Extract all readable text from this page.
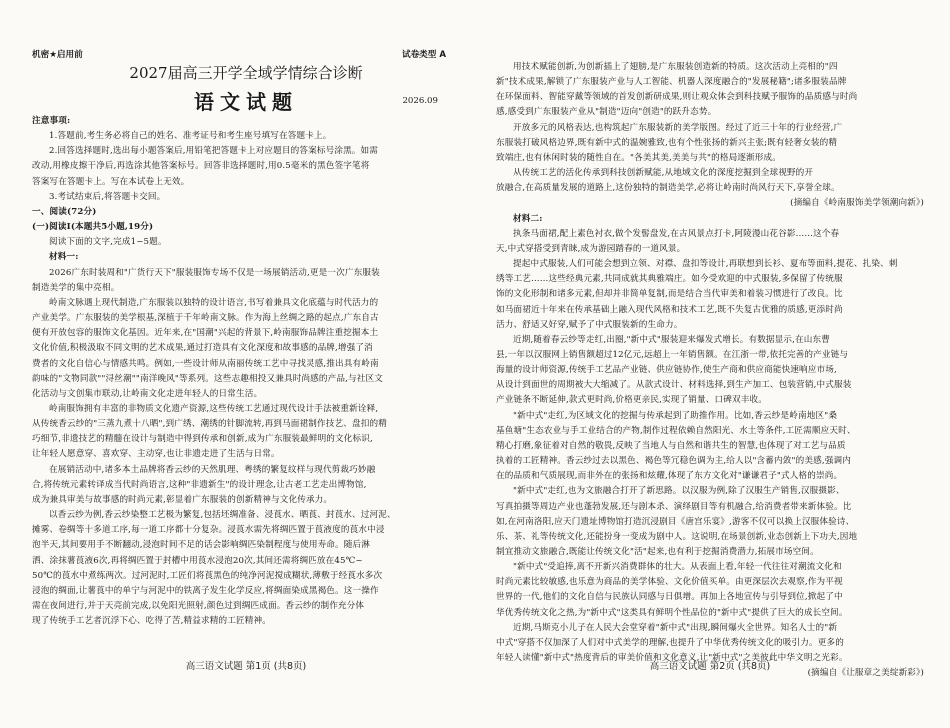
机密★启用前	试卷类型 A
2027届高三开学全域学情综合诊断
语文试题	2026.09
注意事项:
1.答题前,考生务必将自己的姓名、准考证号和考生座号填写在答题卡上。
2.回答选择题时,选出每小题答案后,用铅笔把答题卡上对应题目的答案标号涂黑。如需
改动,用橡皮擦干净后,再选涂其他答案标号。回答非选择题时,用0.5毫米的黑色签字笔将
答案写在答题卡上。写在本试卷上无效。
3.考试结束后,将答题卡交回。
一、阅读(72分)
(一)阅读Ⅰ(本题共5小题,19分)
阅读下面的文字,完成1~5题。
材料一:
2026广东时装周和"广货行天下"服装服饰专场不仅是一场展销活动,更是一次广东服装
制造美学的集中亮相。
岭南文脉遇上现代制造,广东服装以独特的设计语言,书写着兼具文化底蕴与时代活力的
产业美学。广东服装的美学根基,深植于千年岭南文脉。作为海上丝绸之路的起点,广东自古
便有开放包容的服饰文化基因。近年来,在"国潮"兴起的背景下,岭南服饰品牌注重挖掘本土
文化价值,积极汲取不同文明的艺术成果,通过打造具有文化深度和故事感的品牌,增强了消
费者的文化自信心与情感共鸣。例如,一些设计师从南丽传统工艺中寻找灵感,推出具有岭南
韵味的"文物同款""浔丝潮""南洋晚风"等系列。这些志趣相投又兼具时尚感的产品,与社区文
化活动与文创集市联动,让岭南文化走进年轻人的日常生活。
岭南服饰拥有丰富的非物质文化遗产资源,这些传统工艺通过现代设计手法被重新诠释,
从传统香云纱的"三蒸九煮十八晒",到广绣、潮绣的针脚流转,再到马面裙制作技艺、盘扣的精
巧细节,非遗技艺的精髓在设计与制造中得到传承和创新,成为广东服装最鲜明的文化标识,
让年轻人愿意穿、喜欢穿、主动穿,也让非遗走进了生活与日常。
在展销活动中,诸多本土品牌将香云纱的天然肌理、粤绣的繁复纹样与现代剪裁巧妙融
合,将传统元素转译成当代时尚语言,这种"非遗新生"的设计理念,让古老工艺走出博物馆,
成为兼具审美与故事感的时尚元素,彰显着广东服装的创新精神与文化传承力。
以香云纱为例,香云纱染整工艺极为繁复,包括坯绸准备、浸莨水、晒莨、封莨水、过河泥、
摊雾、卷绸等十多道工序,每一道工序都十分复杂。浸莨水需先将绸匹置于莨液度的莨水中浸
泡半天,其间要用手不断翻动,浸泡时间不足的话会影响绸匹染制程度与使用寿命。随后淋
洒、涂抹薯莨液6次,再将绸匹置于封槽中用莨水浸泡20次,其间还需将绸匹放在45℃~
50℃的莨水中煮练两次。过河泥时,工匠们将莨黑色的纯净河泥搅成糊状,薄敷于经莨水多次
浸泡的绸面,让薯莨中的单宁与河泥中的铁离子发生化学反应,将绸面染成黑褐色。这一操作
需在夜间进行,并于天亮前完成,以免阳光照射,颜色过到绸匹成面。香云纱的制作充分体
现了传统手工艺者沉浮下心、吃得了苦,精益求精的工匠精神。
用技术赋能创新,为创新插上了翅膀,是广东服装创造新的特质。这次活动上亮相的"四
新"技术成果,解锁了广东服装产业与人工智能、机器人深度融合的"发展秘籍";诸多服装品牌
在环保面料、智能穿戴等领域的首发创新研成果,则让观众体会到科技赋予服饰的品质感与时尚
感,感受到广东服装产业从"制造"迈向"创造"的跃升态势。
开放多元的风格表达,也构筑起广东服装新的美学版图。经过了近三十年的行业经营,广
东服装打破风格边界,既有新中式的温婉雅致,也有个性张扬的新兴主张;既有轻奢女装的精
致端庄,也有休闲时装的随性自在。"各美其美,美美与共"的格局逐渐形成。
从传统工艺的活化传承到科技创新赋能,从地域文化的深度挖掘到全球视野的开
放融合,在高质量发展的道路上,这份独特的制造美学,必将让岭南时尚风行天下,享誉全球。
(摘编自《岭南服饰美学领潮向新》)
材料二:
执条马面裙,配上素色衬衣,做个发髻盘发,在古风景点打卡,阿陵漫山花谷影……这个春
天,中式穿搭受到青睐,成为游园踏春的一道风景。
提起中式服装,人们可能会想到立领、对襟、盘扣等设计,再联想到长衫、夏布等面料,提花、扎染、刺
绣等工艺……这些经典元素,共同成就其典雅端庄。如今受欢迎的中式服装,多保留了传统服
饰的文化形制和诸多元素,但却并非简单复制,而是结合当代审美和着装习惯进行了改良。比
如马面裙近十年来在传承基础上融入现代风格和技术工艺,既不失复古优雅的质感,更添时尚
活力、舒适又好穿,赋予了中式服装新的生命力。
近期,随着春云纱等走红,出圈,"新中式"服装迎来爆发式增长。有数据显示,在山东曹
县,一年以汉服网上销售额超过12亿元,远超上一年销售额。在江浙一带,依托完善的产业链与
海量的设计师资源,传统手工艺品产业链、供应链协作,使生产商和供应商能快速响应市场,
从设计到面世的周期被大大缩减了。从款式设计、材料选择,到生产加工、包装营销,中式服装
产业链条不断延伸,款式更时尚,价格更亲民,实现了销量、口碑双丰收。
"新中式"走红,为区域文化的挖掘与传承起到了助推作用。比如,香云纱是岭南地区"桑
基鱼塘"生态农业与手工业结合的产物,制作过程依赖自然阳光、水土等条件,工匠需顺应天时、
精心打磨,象征着对自然的敬畏,反映了当地人与自然和谐共生的智慧,也体现了对工艺与品质
执着的工匠精神。香云纱过去以黑色、褐色等冗稳色调为主,给人以"含蓄内敛"的美感,强调内
在的品质和气质展现,而非外在的张扬和炫耀,体现了东方文化对"谦谦君子"式人格的崇尚。
"新中式"走红,也为文旅融合打开了新思路。以汉服为例,除了汉服生产销售,汉服摄影、
写真拍摄等周边产业也蓬勃发展,还与剧本杀、演绎剧目等有机融合,给消费者带来新体验。比
如,在河南洛阳,应天门遗址博物馆打造沉浸剧目《唐宫乐宴》,游客不仅可以换上汉服体验诗、
乐、茶、礼等传统文化,还能扮身一变成为剧中人。这说明,在场景创新,业态创新上下功夫,因地
制宜推动文旅融合,既能让传统文化"活"起来,也有利于挖掘消费潜力,拓展市场空间。
"新中式"受追捧,离不开新兴消费群体的壮大。从表面上看,年轻一代往往对潮流文化和
时尚元素比较敏感,也乐意为商品的美学体验、文化价值买单。由更深层次去观察,作为平视
世界的一代,他们的文化自信与民族认同感与日俱增。再加上各地宣传与引导到位,掀起了中
华优秀传统文化之热,为"新中式"这类具有鲜明个性品位的"新中式"提供了巨大的成长空间。
近期,马斯克小儿子在人民大会堂穿着"新中式"出现,瞬间爆火全世界。知名人士的"新
中式"穿搭不仅加深了人们对中式美学的理解,也提升了中华优秀传统文化的吸引力。更多的
年轻人读懂"新中式"热度背后的审美价值和文化意义,让"新中式"之美彼此中华文明之光彩。
(摘编自《让服章之美绽新彩》)
高三语文试题 第1页 (共8页)	高三语文试题 第2页 (共8页)
